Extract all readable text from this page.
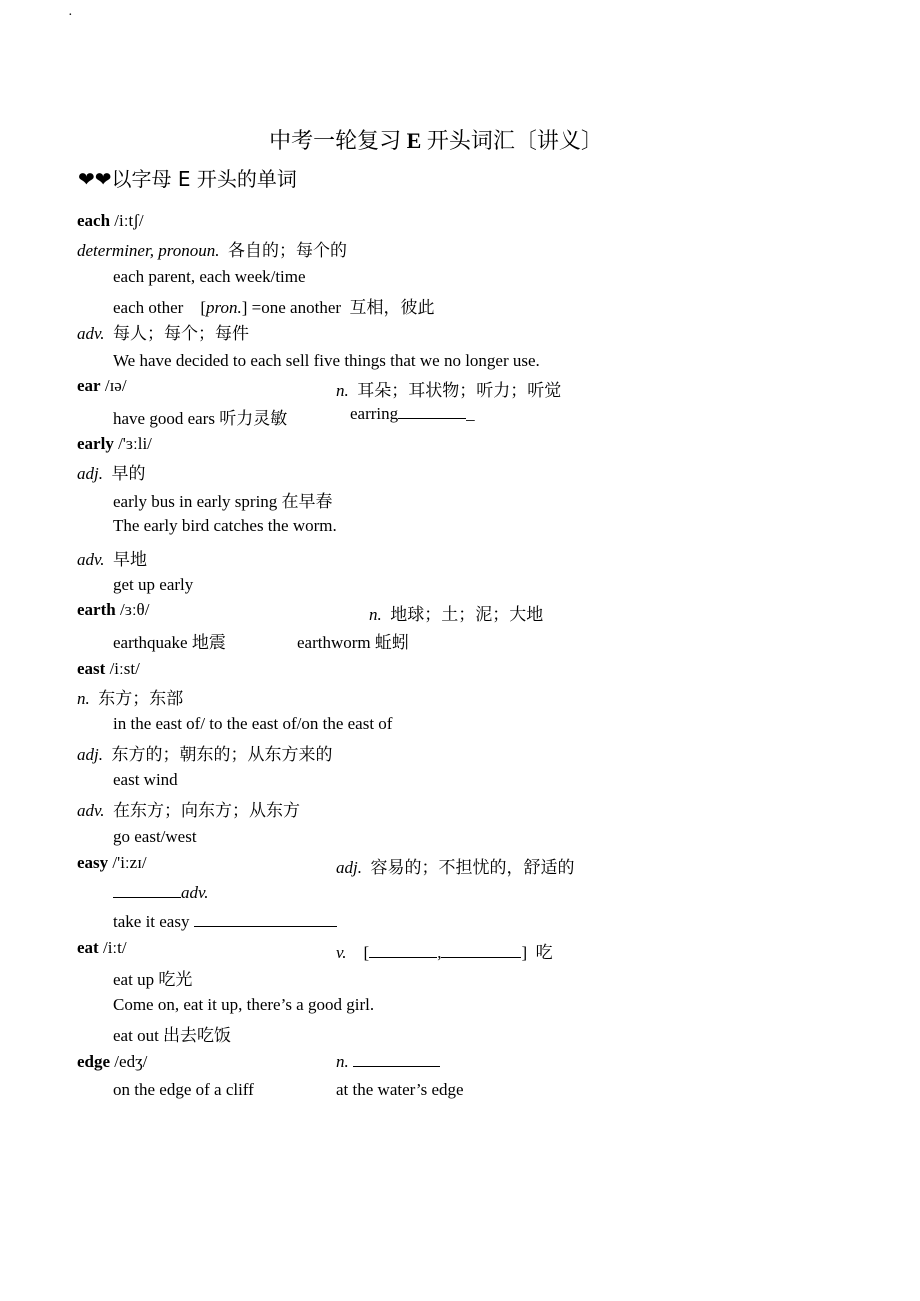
·
中考一轮复习 E 开头词汇〔讲义〕
❤❤以字母 E 开头的单词
each /iːtʃ/
determiner, pronoun. 各自的；每个的
each parent, each week/time
each other    [pron.] =one another 互相，彼此
adv. 每人；每个；每件
We have decided to each sell five things that we no longer use.
ear /ɪə/	n. 耳朵；耳状物；听力；听觉
have good ears 听力灵敏	earring	_
early /'ɜːli/
adj. 早的
early bus in early spring 在早春
The early bird catches the worm.
adv. 早地
get up early
earth /ɜːθ/	n. 地球；土；泥；大地
earthquake 地震	earthworm 蚯蚓
east /iːst/
n. 东方；东部
in the east of/ to the east of/on the east of
adj. 东方的；朝东的；从东方来的
east wind
adv. 在东方；向东方；从东方
go east/west
easy /'iːzɪ/	adj. 容易的；不担忧的，舒适的
adv.
take it easy
eat /iːt/	v. [	,	] 吃
eat up 吃光
Come on, eat it up, there’s a good girl.
eat out 出去吃饭
edge /edʒ/	n.
on the edge of a cliff	at the water’s edge
